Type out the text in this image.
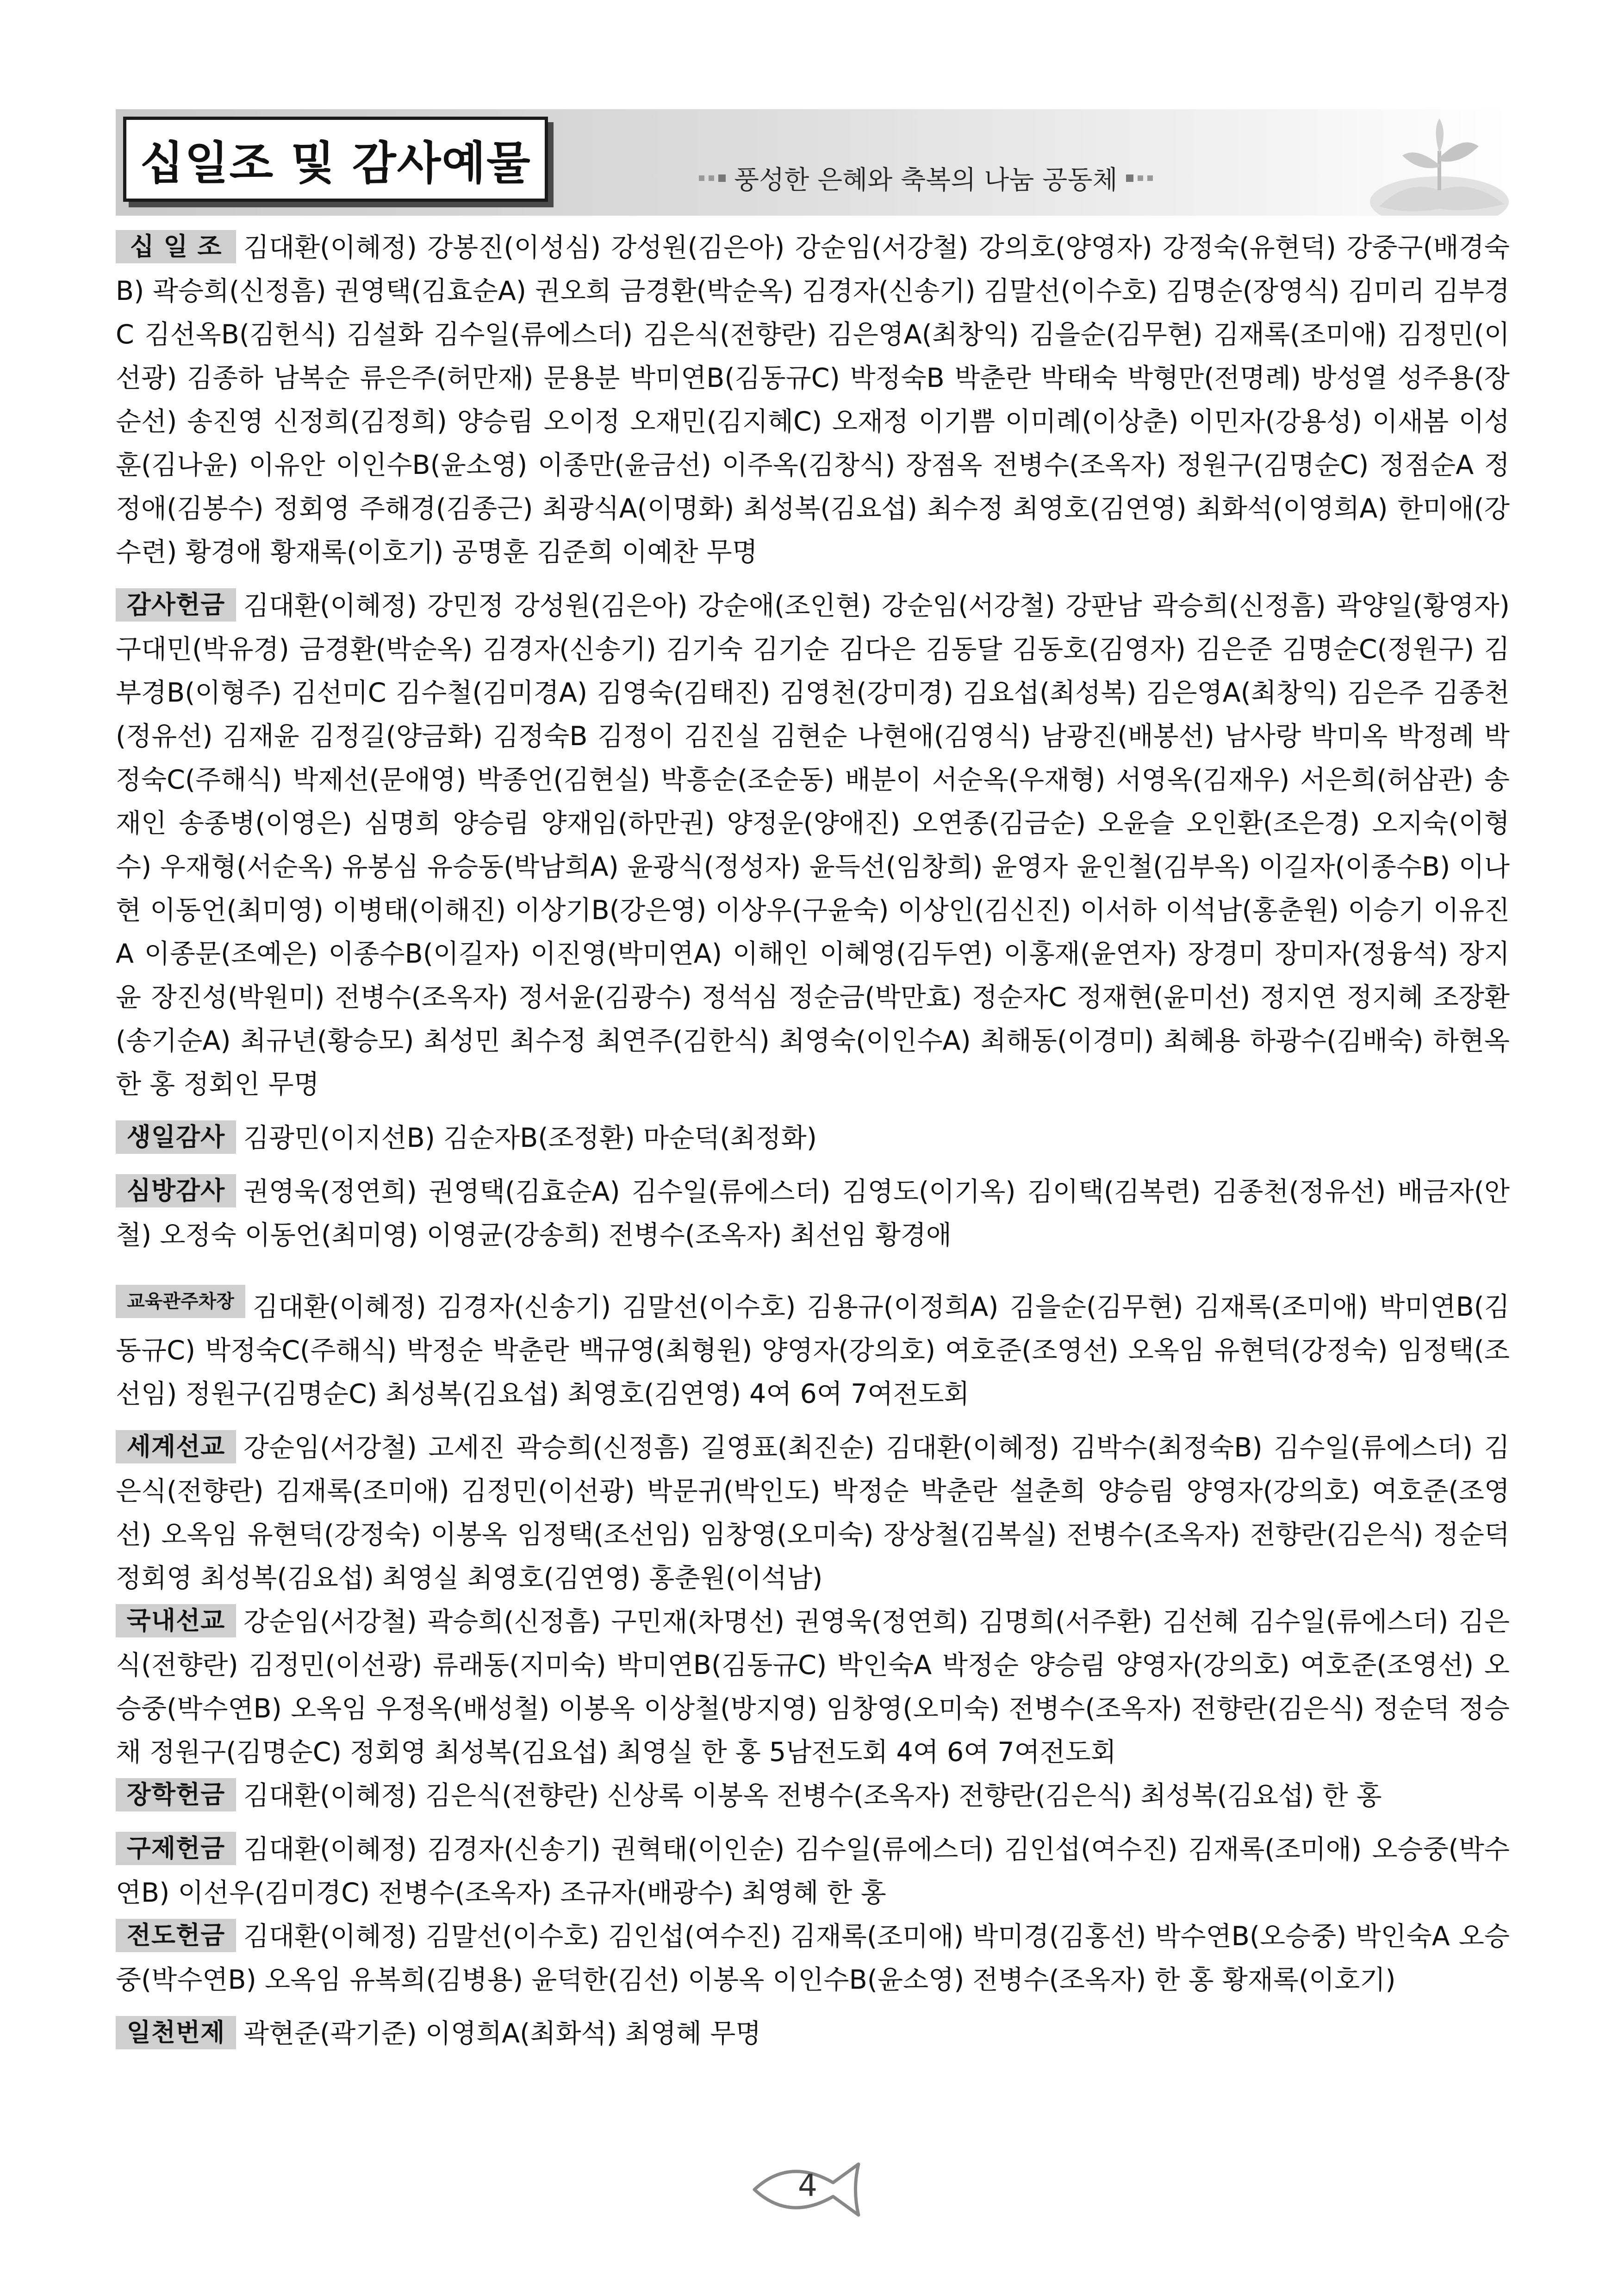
십일조 및 감사예물	풍성한 은혜와 축복의 나눔 공동체
십 일 조 김대환(이혜정) 강봉진(이성심) 강성원(김은아) 강순임(서강철) 강의호(양영자) 강정숙(유현덕) 강중구(배경숙B) 곽승희(신정흠) 권영택(김효순A) 권오희 금경환(박순옥) 김경자(신송기) 김말선(이수호) 김명순(장영식) 김미리 김부경C 김선옥B(김헌식) 김설화 김수일(류에스더) 김은식(전향란) 김은영A(최창익) 김을순(김무현) 김재록(조미애) 김정민(이선광) 김종하 남복순 류은주(허만재) 문용분 박미연B(김동규C) 박정숙B 박춘란 박태숙 박형만(전명례) 방성열 성주용(장순선) 송진영 신정희(김정희) 양승림 오이정 오재민(김지혜C) 오재정 이기쁨 이미례(이상춘) 이민자(강용성) 이새봄 이성훈(김나윤) 이유안 이인수B(윤소영) 이종만(윤금선) 이주옥(김창식) 장점옥 전병수(조옥자) 정원구(김명순C) 정점순A 정정애(김봉수) 정회영 주해경(김종근) 최광식A(이명화) 최성복(김요섭) 최수정 최영호(김연영) 최화석(이영희A) 한미애(강수련) 황경애 황재록(이호기) 공명훈 김준희 이예찬 무명
감사헌금 김대환(이혜정) 강민정 강성원(김은아) 강순애(조인현) 강순임(서강철) 강판남 곽승희(신정흠) 곽양일(황영자) 구대민(박유경) 금경환(박순옥) 김경자(신송기) 김기숙 김기순 김다은 김동달 김동호(김영자) 김은준 김명순C(정원구) 김부경B(이형주) 김선미C 김수철(김미경A) 김영숙(김태진) 김영천(강미경) 김요섭(최성복) 김은영A(최창익) 김은주 김종천(정유선) 김재윤 김정길(양금화) 김정숙B 김정이 김진실 김현순 나현애(김영식) 남광진(배봉선) 남사랑 박미옥 박정례 박정숙C(주해식) 박제선(문애영) 박종언(김현실) 박흥순(조순동) 배분이 서순옥(우재형) 서영옥(김재우) 서은희(허삼관) 송재인 송종병(이영은) 심명희 양승림 양재임(하만권) 양정운(양애진) 오연종(김금순) 오윤슬 오인환(조은경) 오지숙(이형수) 우재형(서순옥) 유봉심 유승동(박남희A) 윤광식(정성자) 윤득선(임창희) 윤영자 윤인철(김부옥) 이길자(이종수B) 이나현 이동언(최미영) 이병태(이해진) 이상기B(강은영) 이상우(구윤숙) 이상인(김신진) 이서하 이석남(홍춘원) 이승기 이유진A 이종문(조예은) 이종수B(이길자) 이진영(박미연A) 이해인 이혜영(김두연) 이홍재(윤연자) 장경미 장미자(정융석) 장지윤 장진성(박원미) 전병수(조옥자) 정서윤(김광수) 정석심 정순금(박만효) 정순자C 정재현(윤미선) 정지연 정지혜 조장환(송기순A) 최규년(황승모) 최성민 최수정 최연주(김한식) 최영숙(이인수A) 최해동(이경미) 최혜용 하광수(김배숙) 하현옥 한 홍 정회인 무명
생일감사 김광민(이지선B) 김순자B(조정환) 마순덕(최정화)
심방감사 권영욱(정연희) 권영택(김효순A) 김수일(류에스더) 김영도(이기옥) 김이택(김복련) 김종천(정유선) 배금자(안철) 오정숙 이동언(최미영) 이영균(강송희) 전병수(조옥자) 최선임 황경애
교육관주차장 김대환(이혜정) 김경자(신송기) 김말선(이수호) 김용규(이정희A) 김을순(김무현) 김재록(조미애) 박미연B(김동규C) 박정숙C(주해식) 박정순 박춘란 백규영(최형원) 양영자(강의호) 여호준(조영선) 오옥임 유현덕(강정숙) 임정택(조선임) 정원구(김명순C) 최성복(김요섭) 최영호(김연영) 4여 6여 7여전도회
세계선교 강순임(서강철) 고세진 곽승희(신정흠) 길영표(최진순) 김대환(이혜정) 김박수(최정숙B) 김수일(류에스더) 김은식(전향란) 김재록(조미애) 김정민(이선광) 박문귀(박인도) 박정순 박춘란 설춘희 양승림 양영자(강의호) 여호준(조영선) 오옥임 유현덕(강정숙) 이봉옥 임정택(조선임) 임창영(오미숙) 장상철(김복실) 전병수(조옥자) 전향란(김은식) 정순덕 정회영 최성복(김요섭) 최영실 최영호(김연영) 홍춘원(이석남)
국내선교 강순임(서강철) 곽승희(신정흠) 구민재(차명선) 권영욱(정연희) 김명희(서주환) 김선혜 김수일(류에스더) 김은식(전향란) 김정민(이선광) 류래동(지미숙) 박미연B(김동규C) 박인숙A 박정순 양승림 양영자(강의호) 여호준(조영선) 오승중(박수연B) 오옥임 우정옥(배성철) 이봉옥 이상철(방지영) 임창영(오미숙) 전병수(조옥자) 전향란(김은식) 정순덕 정승채 정원구(김명순C) 정회영 최성복(김요섭) 최영실 한 홍 5남전도회 4여 6여 7여전도회
장학헌금 김대환(이혜정) 김은식(전향란) 신상록 이봉옥 전병수(조옥자) 전향란(김은식) 최성복(김요섭) 한 홍
구제헌금 김대환(이혜정) 김경자(신송기) 권혁태(이인순) 김수일(류에스더) 김인섭(여수진) 김재록(조미애) 오승중(박수연B) 이선우(김미경C) 전병수(조옥자) 조규자(배광수) 최영혜 한 홍
전도헌금 김대환(이혜정) 김말선(이수호) 김인섭(여수진) 김재록(조미애) 박미경(김홍선) 박수연B(오승중) 박인숙A 오승중(박수연B) 오옥임 유복희(김병용) 윤덕한(김선) 이봉옥 이인수B(윤소영) 전병수(조옥자) 한 홍 황재록(이호기)
일천번제 곽현준(곽기준) 이영희A(최화석) 최영혜 무명
4
